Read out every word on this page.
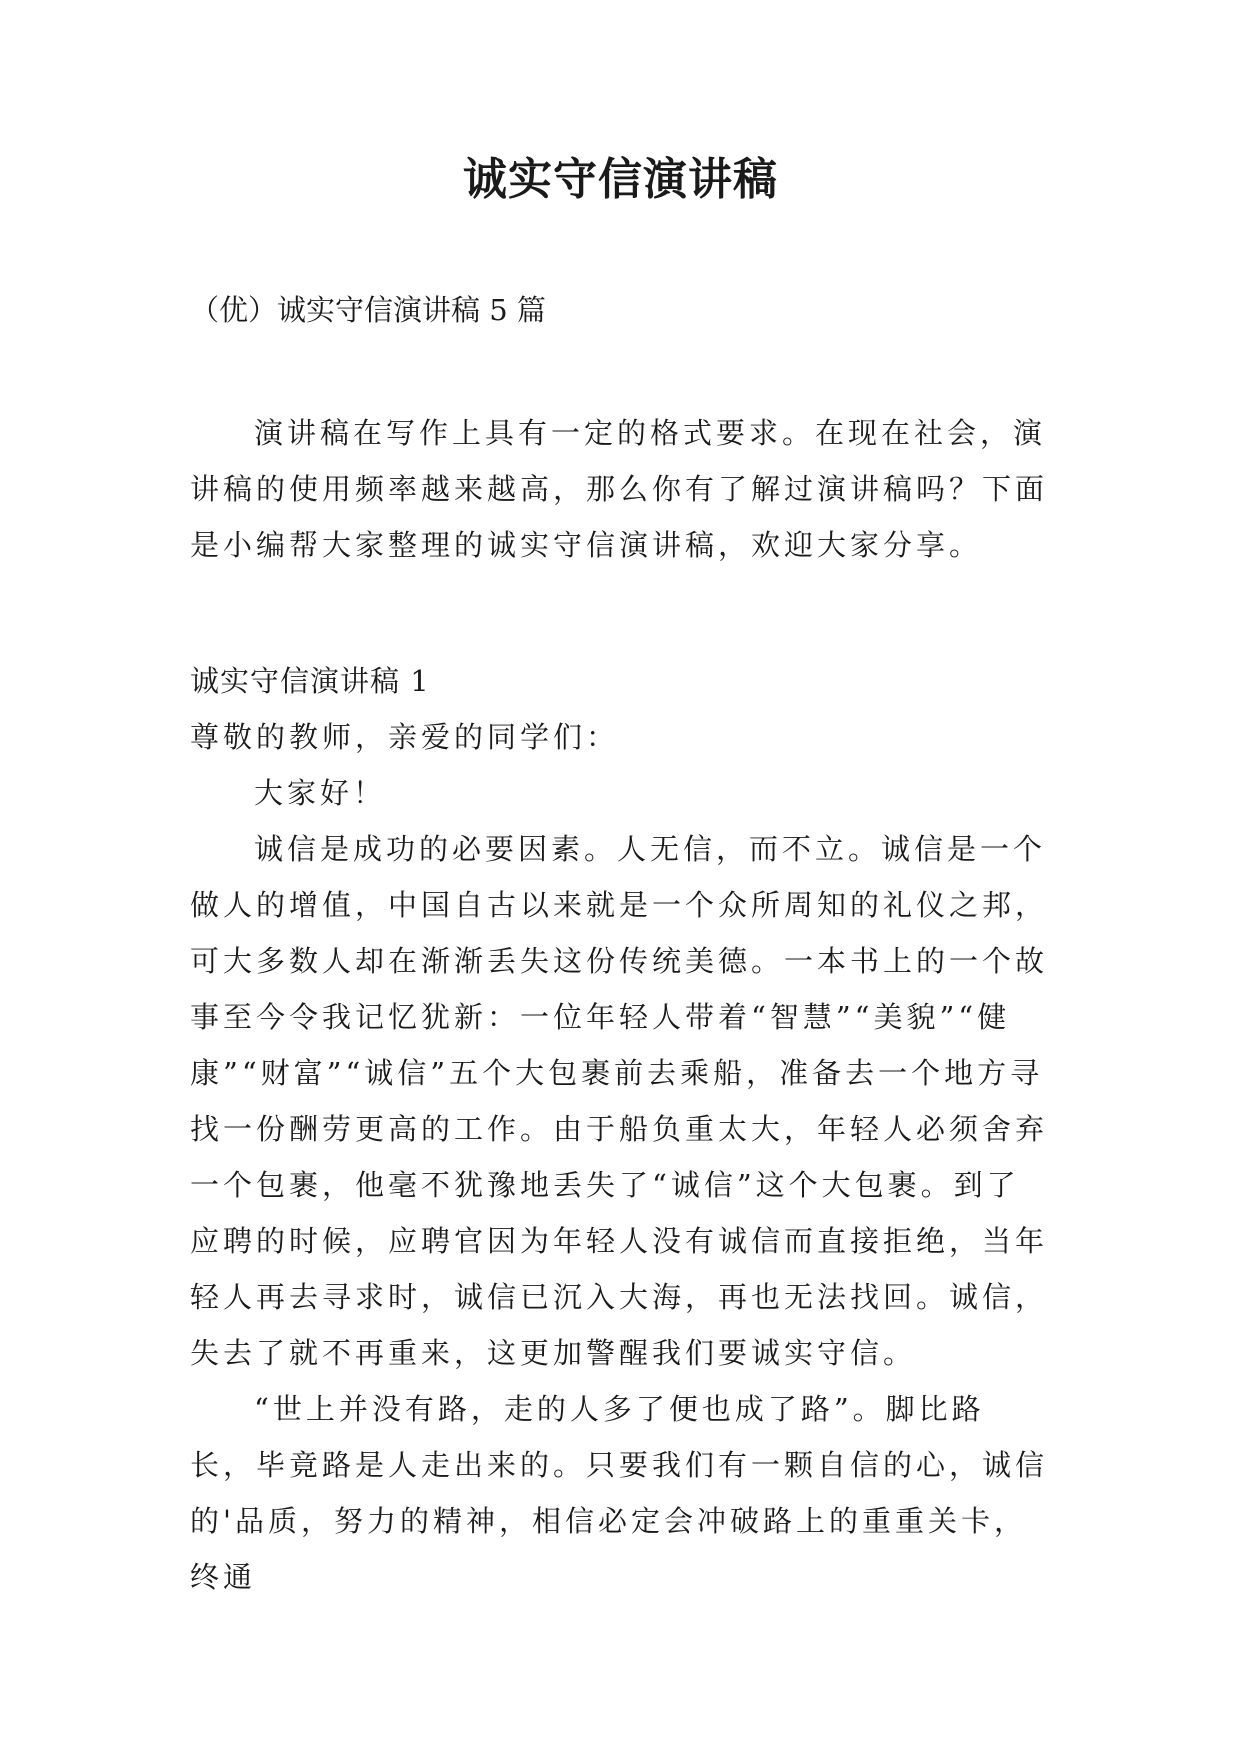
诚实守信演讲稿
（优）诚实守信演讲稿 5 篇

演讲稿在写作上具有一定的格式要求。在现在社会，演讲稿的使用频率越来越高，那么你有了解过演讲稿吗？下面是小编帮大家整理的诚实守信演讲稿，欢迎大家分享。

诚实守信演讲稿 1

尊敬的教师，亲爱的同学们：

大家好！

诚信是成功的必要因素。人无信，而不立。诚信是一个做人的增值，中国自古以来就是一个众所周知的礼仪之邦，可大多数人却在渐渐丢失这份传统美德。一本书上的一个故事至今令我记忆犹新：一位年轻人带着“智慧”“美貌”“健康”“财富”“诚信”五个大包裹前去乘船，准备去一个地方寻找一份酬劳更高的工作。由于船负重太大，年轻人必须舍弃一个包裹，他毫不犹豫地丢失了“诚信”这个大包裹。到了应聘的时候，应聘官因为年轻人没有诚信而直接拒绝，当年轻人再去寻求时，诚信已沉入大海，再也无法找回。诚信，失去了就不再重来，这更加警醒我们要诚实守信。

“世上并没有路，走的人多了便也成了路”。脚比路长，毕竟路是人走出来的。只要我们有一颗自信的心，诚信的'品质，努力的精神，相信必定会冲破路上的重重关卡，终通
